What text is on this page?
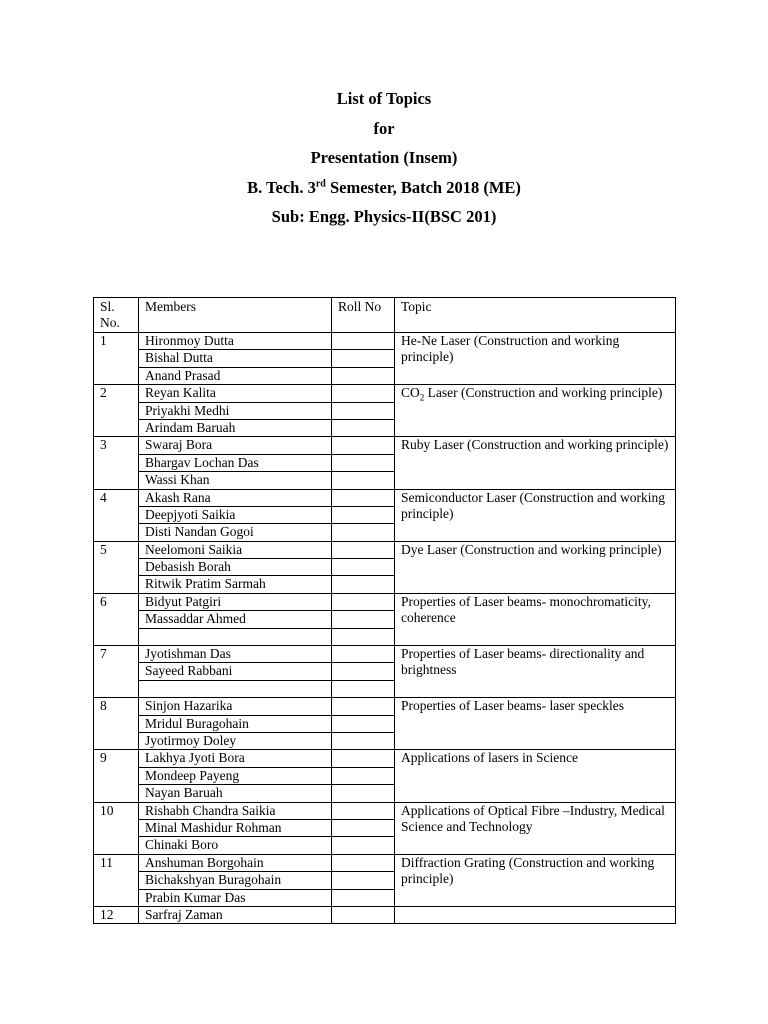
List of Topics
for
Presentation (Insem)
B. Tech. 3rd Semester, Batch 2018 (ME)
Sub: Engg. Physics-II(BSC 201)
Sl. No.	Members	Roll No	Topic
1	Hironmoy Dutta		He-Ne Laser (Construction and working principle)
	Bishal Dutta		
	Anand Prasad		
2	Reyan Kalita		$CO_2$ Laser (Construction and working principle)
	Priyakhi Medhi		
	Arindam Baruah		
3	Swaraj Bora		Ruby Laser (Construction and working principle)
	Bhargav Lochan Das		
	Wassi Khan		
4	Akash Rana		Semiconductor Laser (Construction and working principle)
	Deepjyoti Saikia		
	Disti Nandan Gogoi		
5	Neelomoni Saikia		Dye Laser (Construction and working principle)
	Debasish Borah		
	Ritwik Pratim Sarmah		
6	Bidyut Patgiri		Properties of Laser beams- monochromaticity, coherence
	Massaddar Ahmed		

7	Jyotishman Das		Properties of Laser beams- directionality and brightness
	Sayeed Rabbani		

8	Sinjon Hazarika		Properties of Laser beams- laser speckles
	Mridul Buragohain		
	Jyotirmoy Doley		
9	Lakhya Jyoti Bora		Applications of lasers in Science
	Mondeep Payeng		
	Nayan Baruah		
10	Rishabh Chandra Saikia		Applications of Optical Fibre –Industry, Medical Science and Technology
	Minal Mashidur Rohman		
	Chinaki Boro		
11	Anshuman Borgohain		Diffraction Grating (Construction and working principle)
	Bichakshyan Buragohain		
	Prabin Kumar Das		
12	Sarfraj Zaman		
